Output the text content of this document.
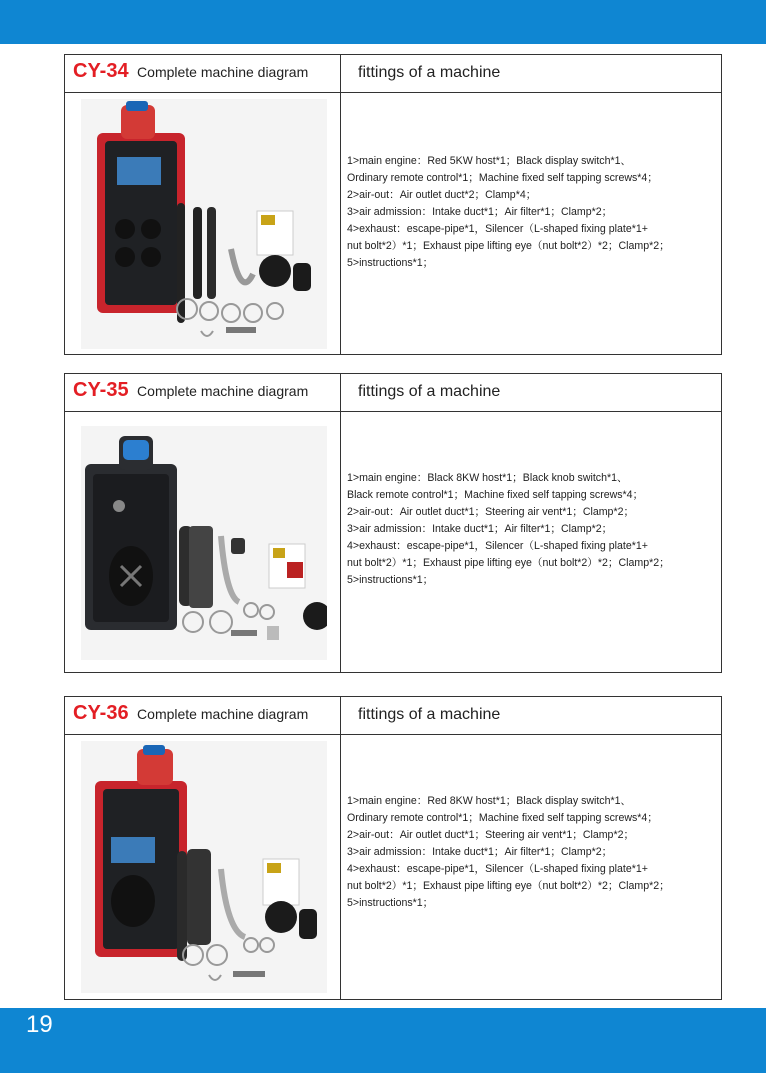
CY-34 Complete machine diagram	fittings of a machine
1>main engine：Red 5KW host*1；Black display switch*1、
Ordinary remote control*1；Machine fixed self tapping screws*4；
2>air-out：Air outlet duct*2；Clamp*4；
3>air admission：Intake duct*1；Air filter*1；Clamp*2；
4>exhaust：escape-pipe*1，Silencer（L-shaped fixing plate*1+
nut bolt*2）*1；Exhaust pipe lifting eye（nut bolt*2）*2；Clamp*2；
5>instructions*1；
CY-35 Complete machine diagram	fittings of a machine
1>main engine：Black 8KW host*1；Black knob switch*1、
Black remote control*1；Machine fixed self tapping screws*4；
2>air-out：Air outlet duct*1；Steering air vent*1；Clamp*2；
3>air admission：Intake duct*1；Air filter*1；Clamp*2；
4>exhaust：escape-pipe*1，Silencer（L-shaped fixing plate*1+
nut bolt*2）*1；Exhaust pipe lifting eye（nut bolt*2）*2；Clamp*2；
5>instructions*1；
CY-36 Complete machine diagram	fittings of a machine
1>main engine：Red 8KW host*1；Black display switch*1、
Ordinary remote control*1；Machine fixed self tapping screws*4；
2>air-out：Air outlet duct*1；Steering air vent*1；Clamp*2；
3>air admission：Intake duct*1；Air filter*1；Clamp*2；
4>exhaust：escape-pipe*1，Silencer（L-shaped fixing plate*1+
nut bolt*2）*1；Exhaust pipe lifting eye（nut bolt*2）*2；Clamp*2；
5>instructions*1；
19
